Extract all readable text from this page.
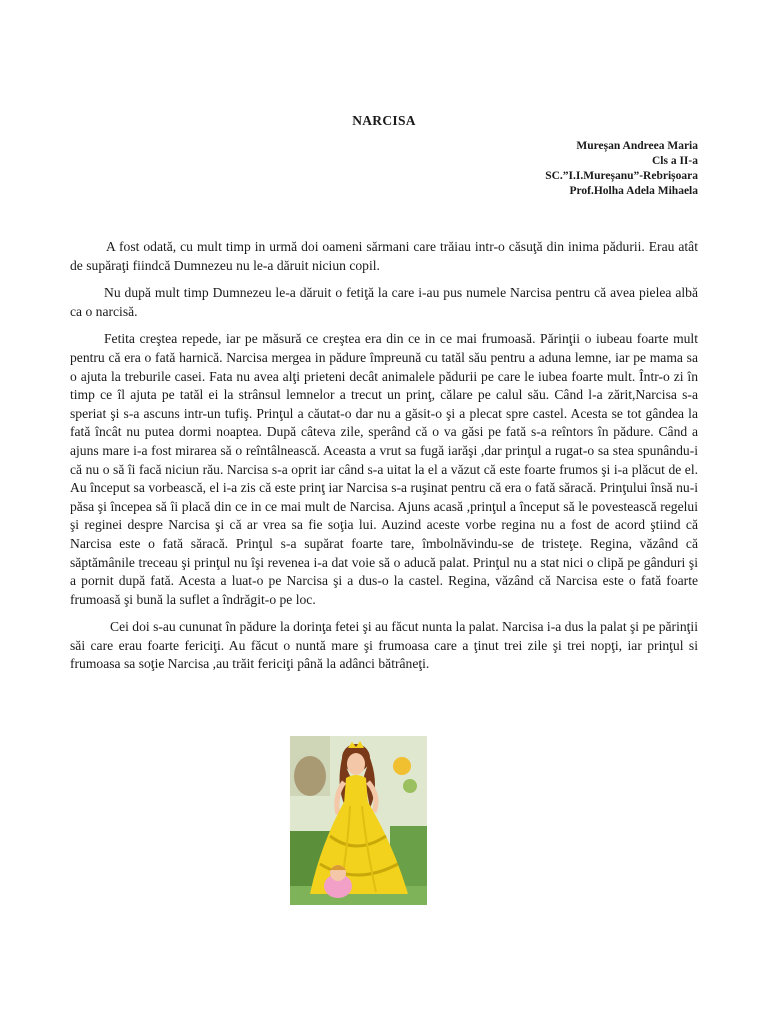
NARCISA
Mureșan Andreea Maria
Cls a II-a
SC.”I.I.Mureșanu”-Rebrișoara
Prof.Holha Adela Mihaela

A fost odată, cu mult timp in urmă doi oameni sărmani care trăiau intr-o căsuţă din inima pădurii. Erau atât de supăraţi fiindcă Dumnezeu nu le-a dăruit niciun copil.

Nu după mult timp Dumnezeu le-a dăruit o fetiţă la care i-au pus numele Narcisa pentru că avea pielea albă ca o narcisă.

Fetita creştea repede, iar pe măsură ce creştea era din ce in ce mai frumoasă. Părinţii o iubeau foarte mult pentru că era o fată harnică. Narcisa mergea in pădure împreună cu tatăl său pentru a aduna lemne, iar pe mama sa o ajuta la treburile casei. Fata nu avea alţi prieteni decât animalele pădurii pe care le iubea foarte mult. Într-o zi în timp ce îl ajuta pe tatăl ei la strânsul lemnelor a trecut un prinţ, călare pe calul său. Când l-a zărit,Narcisa s-a speriat şi s-a ascuns intr-un tufiş. Prinţul a căutat-o dar nu a găsit-o şi a plecat spre castel. Acesta se tot gândea la fată încât nu putea dormi noaptea. După câteva zile, sperând că o va găsi pe fată s-a reîntors în pădure. Când a ajuns mare i-a fost mirarea să o reîntâlnească. Aceasta a vrut sa fugă iarăşi ,dar prinţul a rugat-o sa stea spunându-i că nu o să îi facă niciun rău. Narcisa s-a oprit iar când s-a uitat la el a văzut că este foarte frumos şi i-a plăcut de el. Au început sa vorbească, el i-a zis că este prinţ iar Narcisa s-a ruşinat pentru că era o fată săracă. Prinţului însă nu-i păsa şi începea să îi placă din ce in ce mai mult de Narcisa. Ajuns acasă ,prinţul a început să le povestească regelui şi reginei despre Narcisa şi că ar vrea sa fie soţia lui. Auzind aceste vorbe regina nu a fost de acord ştiind că Narcisa este o fată săracă. Prinţul s-a supărat foarte tare, îmbolnăvindu-se de tristeţe. Regina, văzând că săptămânile treceau şi prinţul nu îşi revenea i-a dat voie să o aducă palat. Prinţul nu a stat nici o clipă pe gânduri şi a pornit după fată. Acesta a luat-o pe Narcisa şi a dus-o la castel. Regina, văzând că Narcisa este o fată foarte frumoasă şi bună la suflet a îndrăgit-o pe loc.

Cei doi s-au cununat în pădure la dorinţa fetei şi au făcut nunta la palat. Narcisa i-a dus la palat şi pe părinţii săi care erau foarte fericiţi. Au făcut o nuntă mare şi frumoasa care a ţinut trei zile şi trei nopţi, iar prinţul si frumoasa sa soţie Narcisa ,au trăit fericiţi până la adânci bătrâneţi.
